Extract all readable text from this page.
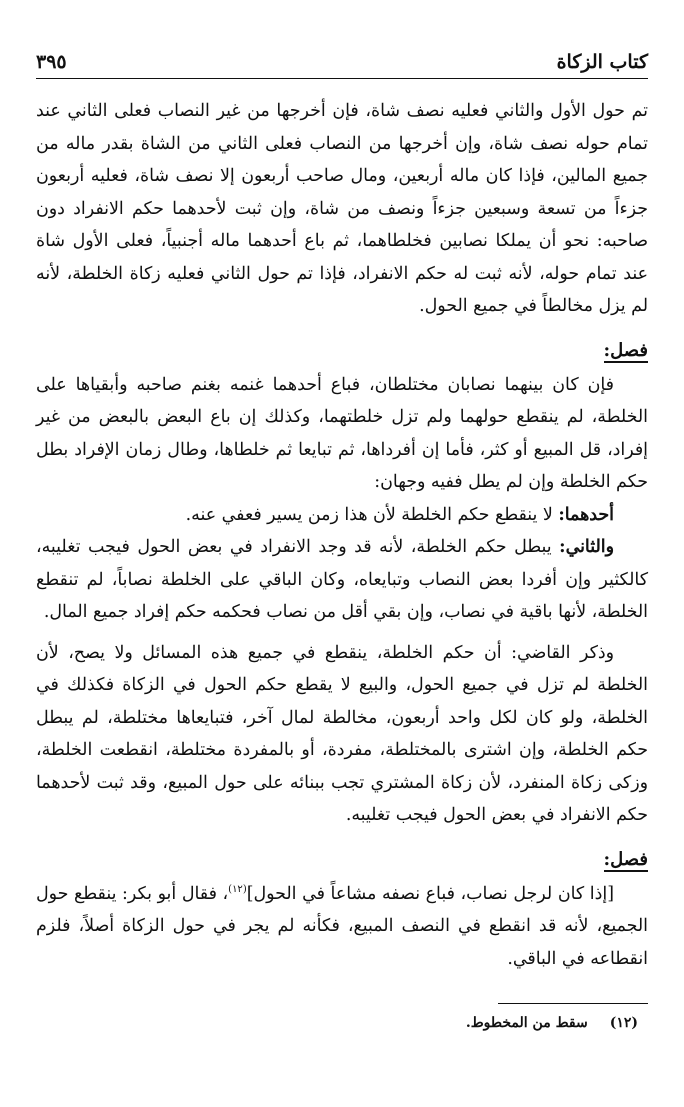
كتاب الزكاة
٣٩٥

تم حول الأول والثاني فعليه نصف شاة، فإن أخرجها من غير النصاب فعلى الثاني عند تمام حوله نصف شاة، وإن أخرجها من النصاب فعلى الثاني من الشاة بقدر ماله من جميع المالين، فإذا كان ماله أربعين، ومال صاحب أربعون إلا نصف شاة، فعليه أربعون جزءاً من تسعة وسبعين جزءاً ونصف من شاة، وإن ثبت لأحدهما حكم الانفراد دون صاحبه: نحو أن يملكا نصابين فخلطاهما، ثم باع أحدهما ماله أجنبياً، فعلى الأول شاة عند تمام حوله، لأنه ثبت له حكم الانفراد، فإذا تم حول الثاني فعليه زكاة الخلطة، لأنه لم يزل مخالطاً في جميع الحول.

فصل:

فإن كان بينهما نصابان مختلطان، فباع أحدهما غنمه بغنم صاحبه وأبقياها على الخلطة، لم ينقطع حولهما ولم تزل خلطتهما، وكذلك إن باع البعض بالبعض من غير إفراد، قل المبيع أو كثر، فأما إن أفرداها، ثم تبايعا ثم خلطاها، وطال زمان الإفراد بطل حكم الخلطة وإن لم يطل ففيه وجهان:

أحدهما: لا ينقطع حكم الخلطة لأن هذا زمن يسير فعفي عنه.

والثاني: يبطل حكم الخلطة، لأنه قد وجد الانفراد في بعض الحول فيجب تغليبه، كالكثير وإن أفردا بعض النصاب وتبايعاه، وكان الباقي على الخلطة نصاباً، لم تنقطع الخلطة، لأنها باقية في نصاب، وإن بقي أقل من نصاب فحكمه حكم إفراد جميع المال.

وذكر القاضي: أن حكم الخلطة، ينقطع في جميع هذه المسائل ولا يصح، لأن الخلطة لم تزل في جميع الحول، والبيع لا يقطع حكم الحول في الزكاة فكذلك في الخلطة، ولو كان لكل واحد أربعون، مخالطة لمال آخر، فتبايعاها مختلطة، لم يبطل حكم الخلطة، وإن اشترى بالمختلطة، مفردة، أو بالمفردة مختلطة، انقطعت الخلطة، وزكى زكاة المنفرد، لأن زكاة المشتري تجب ببنائه على حول المبيع، وقد ثبت لأحدهما حكم الانفراد في بعض الحول فيجب تغليبه.

فصل:

[إذا كان لرجل نصاب، فباع نصفه مشاعاً في الحول]$^{(١٢)}$، فقال أبو بكر: ينقطع حول الجميع، لأنه قد انقطع في النصف المبيع، فكأنه لم يجر في حول الزكاة أصلاً، فلزم انقطاعه في الباقي.

(١٢)
سقط من المخطوط.
